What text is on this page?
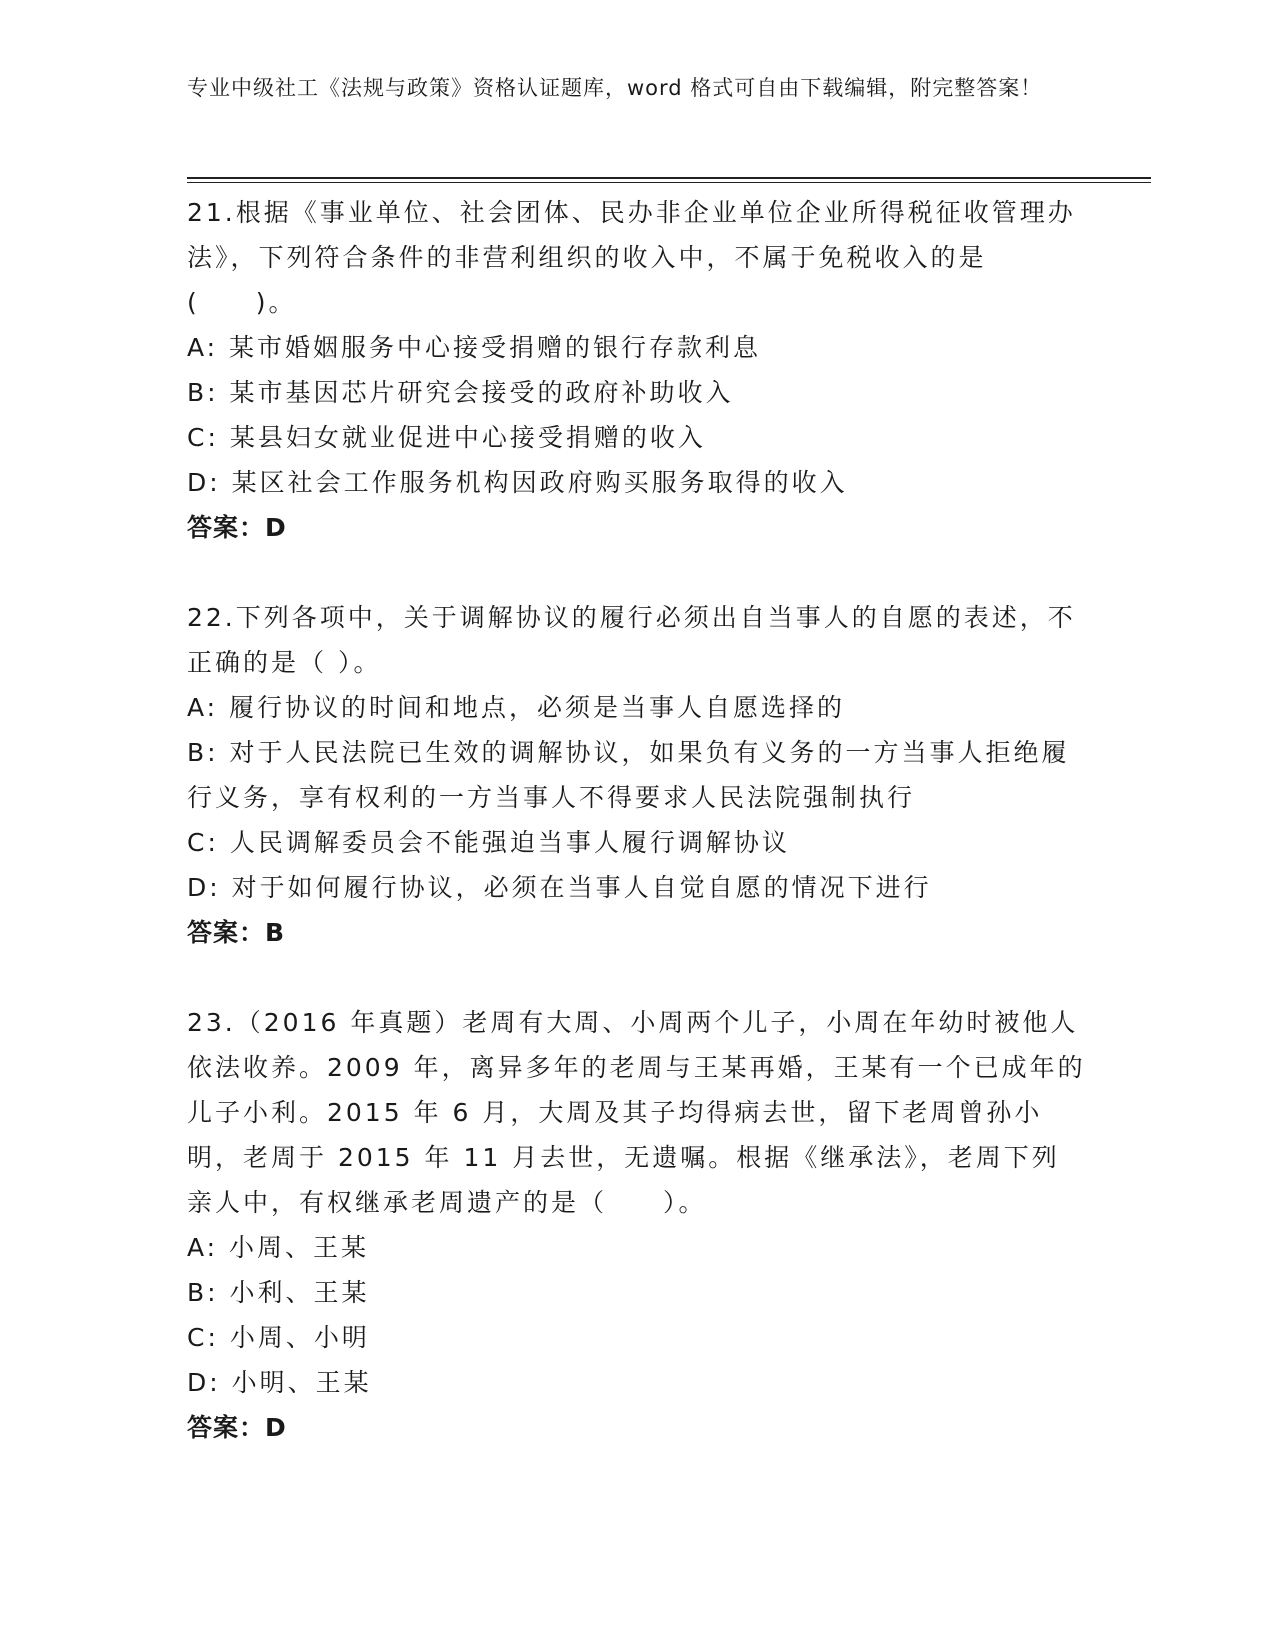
专业中级社工《法规与政策》资格认证题库，word 格式可自由下载编辑，附完整答案！
21.根据《事业单位、社会团体、民办非企业单位企业所得税征收管理办法》，下列符合条件的非营利组织的收入中，不属于免税收入的是(　　)。
A: 某市婚姻服务中心接受捐赠的银行存款利息
B: 某市基因芯片研究会接受的政府补助收入
C: 某县妇女就业促进中心接受捐赠的收入
D: 某区社会工作服务机构因政府购买服务取得的收入
答案：D
22.下列各项中，关于调解协议的履行必须出自当事人的自愿的表述，不正确的是（ ）。
A: 履行协议的时间和地点，必须是当事人自愿选择的
B: 对于人民法院已生效的调解协议，如果负有义务的一方当事人拒绝履行义务，享有权利的一方当事人不得要求人民法院强制执行
C: 人民调解委员会不能强迫当事人履行调解协议
D: 对于如何履行协议，必须在当事人自觉自愿的情况下进行
答案：B
23.（2016 年真题）老周有大周、小周两个儿子，小周在年幼时被他人依法收养。2009 年，离异多年的老周与王某再婚，王某有一个已成年的儿子小利。2015 年 6 月，大周及其子均得病去世，留下老周曾孙小明，老周于 2015 年 11 月去世，无遗嘱。根据《继承法》，老周下列亲人中，有权继承老周遗产的是（　　）。
A: 小周、王某
B: 小利、王某
C: 小周、小明
D: 小明、王某
答案：D
